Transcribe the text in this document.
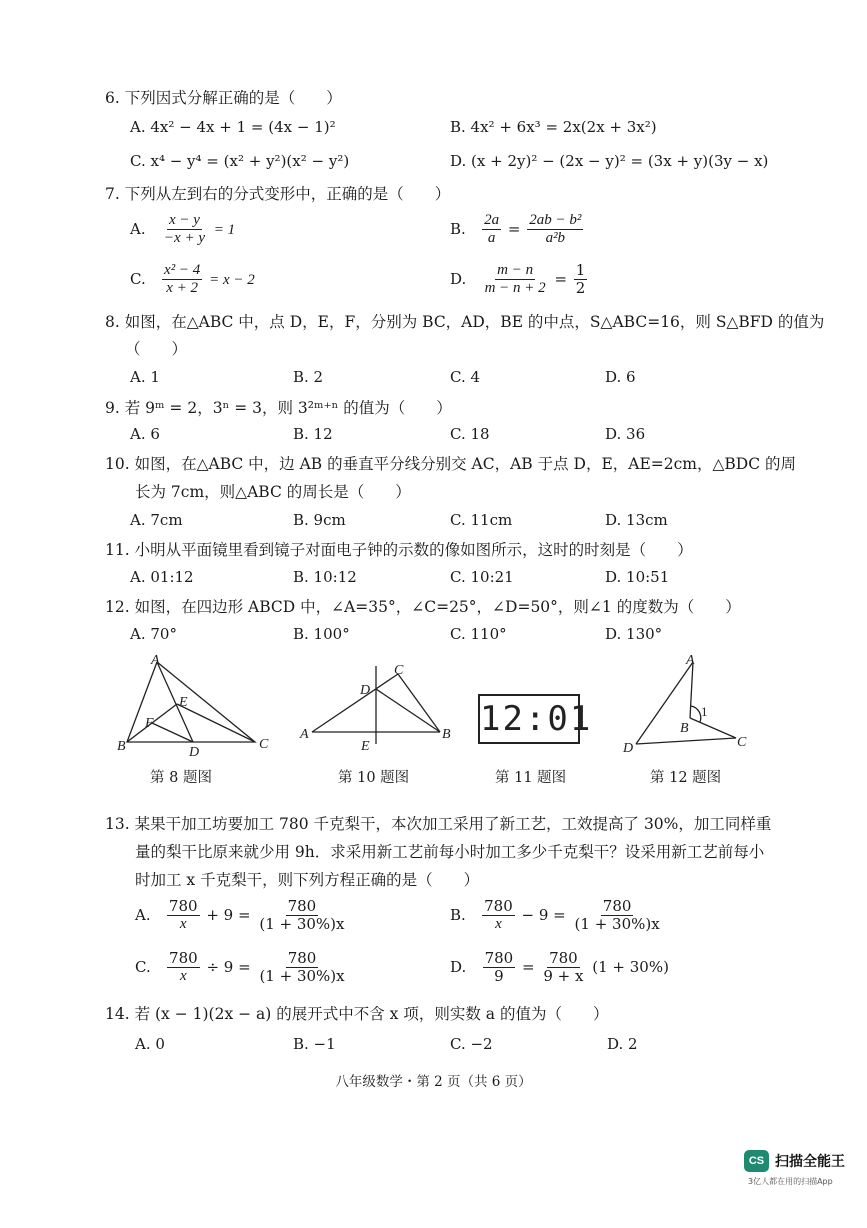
6. 下列因式分解正确的是（　　）
A. 4x² − 4x + 1 = (4x − 1)²	B. 4x² + 6x³ = 2x(2x + 3x²)
C. x⁴ − y⁴ = (x² + y²)(x² − y²)	D. (x + 2y)² − (2x − y)² = (3x + y)(3y − x)
7. 下列从左到右的分式变形中，正确的是（　　）
A. $\frac{x - y}{-x + y} = 1$	B. $\frac{2a}{a} = \frac{\text{2ab − b²}}{\text{a²b}}$
C. $\frac{\text{x² − 4}}{x + 2} = x - 2$	D. $\frac{m - n}{m - n + 2} = \frac{1}{2}$
8. 如图，在△ABC 中，点 D，E，F，分别为 BC，AD，BE 的中点，S△ABC=16，则 S△BFD 的值为
（　　）
A. 1	B. 2	C. 4	D. 6
9. 若 9ᵐ = 2，3ⁿ = 3，则 3²ᵐ⁺ⁿ 的值为（　　）
A. 6	B. 12	C. 18	D. 36
10. 如图，在△ABC 中，边 AB 的垂直平分线分别交 AC，AB 于点 D，E，AE=2cm，△BDC 的周
长为 7cm，则△ABC 的周长是（　　）
A. 7cm	B. 9cm	C. 11cm	D. 13cm
11. 小明从平面镜里看到镜子对面电子钟的示数的像如图所示，这时的时刻是（　　）
A. 01:12	B. 10:12	C. 10:21	D. 10:51
12. 如图，在四边形 ABCD 中，∠A=35°，∠C=25°，∠D=50°，则∠1 的度数为（　　）
A. 70°	B. 100°	C. 110°	D. 130°
A
B	C
D
E
F
第 8 题图
A	B
C
D
E
第 10 题图
12:01
第 11 题图
A
B
C
D
1
第 12 题图
13. 某果干加工坊要加工 780 千克梨干，本次加工采用了新工艺，工效提高了 30%，加工同样重
量的梨干比原来就少用 9h．求采用新工艺前每小时加工多少千克梨干？设采用新工艺前每小
时加工 x 千克梨干，则下列方程正确的是（　　）
A. $\frac{780}{x} + 9 = \frac{780}{(1 + 30\%)x}$	B. $\frac{780}{x} - 9 = \frac{780}{(1 + 30\%)x}$
C. $\frac{780}{x} \div 9 = \frac{780}{(1 + 30\%)x}$	D. $\frac{780}{9} = \frac{780}{9 + x} (1 + 30\%)$
14. 若 (x − 1)(2x − a) 的展开式中不含 x 项，则实数 a 的值为（　　）
A. 0	B. −1	C. −2	D. 2
八年级数学・第 2 页（共 6 页）
CS 扫描全能王
3亿人都在用的扫描App
